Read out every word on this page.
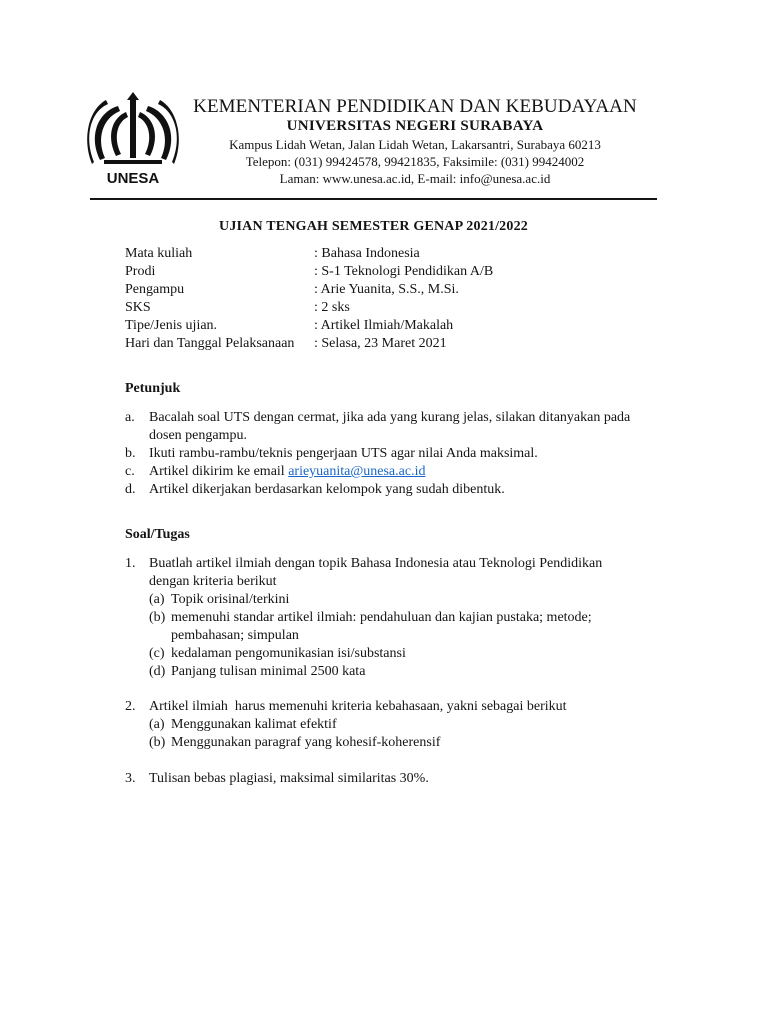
UNESA
KEMENTERIAN PENDIDIKAN DAN KEBUDAYAAN
UNIVERSITAS NEGERI SURABAYA
Kampus Lidah Wetan, Jalan Lidah Wetan, Lakarsantri, Surabaya 60213
Telepon: (031) 99424578, 99421835, Faksimile: (031) 99424002
Laman: www.unesa.ac.id, E-mail: info@unesa.ac.id
UJIAN TENGAH SEMESTER GENAP 2021/2022
Mata kuliah	: Bahasa Indonesia
Prodi	: S-1 Teknologi Pendidikan A/B
Pengampu	: Arie Yuanita, S.S., M.Si.
SKS	: 2 sks
Tipe/Jenis ujian.	: Artikel Ilmiah/Makalah
Hari dan Tanggal Pelaksanaan : Selasa, 23 Maret 2021
Petunjuk
a. Bacalah soal UTS dengan cermat, jika ada yang kurang jelas, silakan ditanyakan pada
dosen pengampu.
b. Ikuti rambu-rambu/teknis pengerjaan UTS agar nilai Anda maksimal.
c. Artikel dikirim ke email arieyuanita@unesa.ac.id
d. Artikel dikerjakan berdasarkan kelompok yang sudah dibentuk.
Soal/Tugas
1. Buatlah artikel ilmiah dengan topik Bahasa Indonesia atau Teknologi Pendidikan
dengan kriteria berikut
(a) Topik orisinal/terkini
(b) memenuhi standar artikel ilmiah: pendahuluan dan kajian pustaka; metode;
pembahasan; simpulan
(c) kedalaman pengomunikasian isi/substansi
(d) Panjang tulisan minimal 2500 kata
2. Artikel ilmiah  harus memenuhi kriteria kebahasaan, yakni sebagai berikut
(a) Menggunakan kalimat efektif
(b) Menggunakan paragraf yang kohesif-koherensif
3. Tulisan bebas plagiasi, maksimal similaritas 30%.
